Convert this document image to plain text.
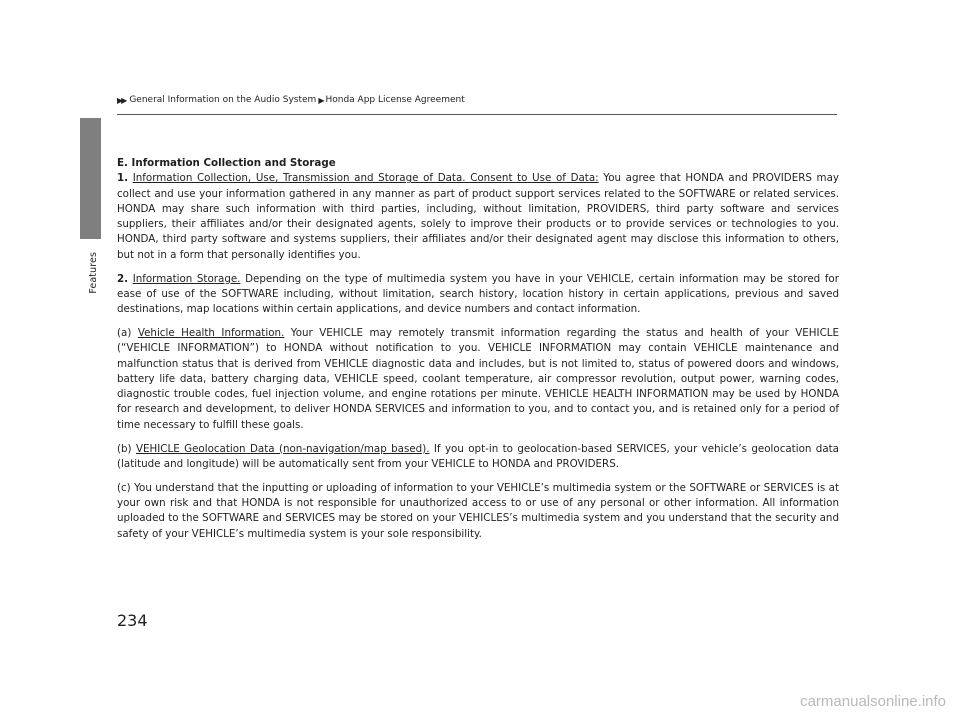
Features
▶▶ General Information on the Audio System ▶ Honda App License Agreement

E. Information Collection and Storage

1. Information Collection, Use, Transmission and Storage of Data. Consent to Use of Data: You agree that HONDA and PROVIDERS may collect and use your information gathered in any manner as part of product support services related to the SOFTWARE or related services. HONDA may share such information with third parties, including, without limitation, PROVIDERS, third party software and services suppliers, their affiliates and/or their designated agents, solely to improve their products or to provide services or technologies to you. HONDA, third party software and systems suppliers, their affiliates and/or their designated agent may disclose this information to others, but not in a form that personally identifies you.

2. Information Storage. Depending on the type of multimedia system you have in your VEHICLE, certain information may be stored for ease of use of the SOFTWARE including, without limitation, search history, location history in certain applications, previous and saved destinations, map locations within certain applications, and device numbers and contact information.

(a) Vehicle Health Information. Your VEHICLE may remotely transmit information regarding the status and health of your VEHICLE (“VEHICLE INFORMATION”) to HONDA without notification to you. VEHICLE INFORMATION may contain VEHICLE maintenance and malfunction status that is derived from VEHICLE diagnostic data and includes, but is not limited to, status of powered doors and windows, battery life data, battery charging data, VEHICLE speed, coolant temperature, air compressor revolution, output power, warning codes, diagnostic trouble codes, fuel injection volume, and engine rotations per minute. VEHICLE HEALTH INFORMATION may be used by HONDA for research and development, to deliver HONDA SERVICES and information to you, and to contact you, and is retained only for a period of time necessary to fulfill these goals.

(b) VEHICLE Geolocation Data (non-navigation/map based). If you opt-in to geolocation-based SERVICES, your vehicle’s geolocation data (latitude and longitude) will be automatically sent from your VEHICLE to HONDA and PROVIDERS.

(c) You understand that the inputting or uploading of information to your VEHICLE’s multimedia system or the SOFTWARE or SERVICES is at your own risk and that HONDA is not responsible for unauthorized access to or use of any personal or other information. All information uploaded to the SOFTWARE and SERVICES may be stored on your VEHICLES’s multimedia system and you understand that the security and safety of your VEHICLE’s multimedia system is your sole responsibility.

234
carmanualsonline.info
